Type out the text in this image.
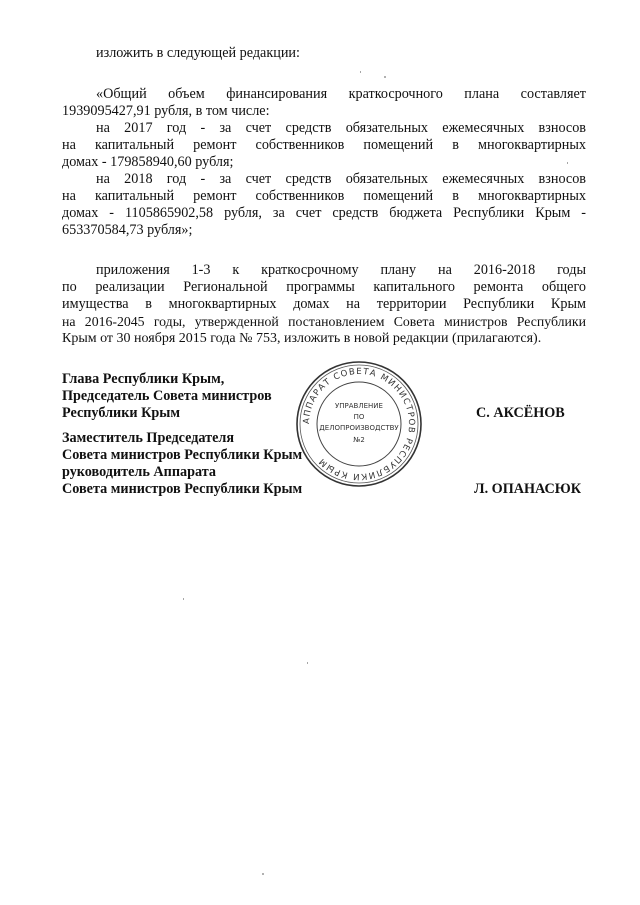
изложить в следующей редакции:
«Общий объем финансирования краткосрочного плана составляет
1939095427,91 рубля, в том числе:
на 2017 год - за счет средств обязательных ежемесячных взносов
на капитальный ремонт собственников помещений в многоквартирных
домах - 179858940,60 рубля;
на 2018 год - за счет средств обязательных ежемесячных взносов
на капитальный ремонт собственников помещений в многоквартирных
домах - 1105865902,58 рубля, за счет средств бюджета Республики Крым -
653370584,73 рубля»;
приложения 1-3 к краткосрочному плану на 2016-2018 годы
по реализации Региональной программы капитального ремонта общего
имущества в многоквартирных домах на территории Республики Крым
на 2016-2045 годы, утвержденной постановлением Совета министров Республики
Крым от 30 ноября 2015 года № 753, изложить в новой редакции (прилагаются).
Глава Республики Крым,
Председатель Совета министров
Республики Крым	С. АКСЁНОВ
Заместитель Председателя
Совета министров Республики Крым
руководитель Аппарата
Совета министров Республики Крым	Л. ОПАНАСЮК
АППАРАТ СОВЕТА МИНИСТРОВ РЕСПУБЛИКИ КРЫМ
УПРАВЛЕНИЕ
ПО
ДЕЛОПРОИЗВОДСТВУ
№2
